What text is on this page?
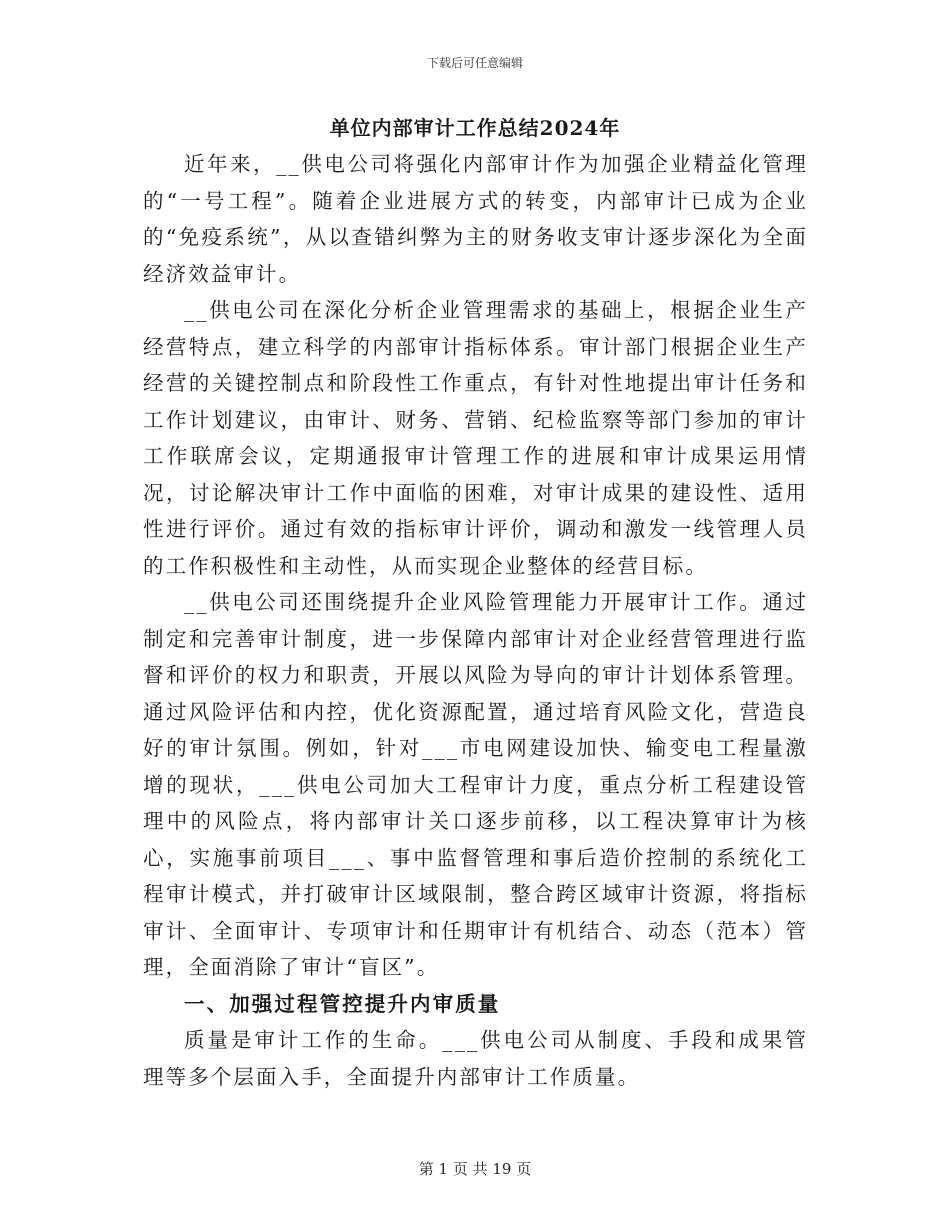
下载后可任意编辑
单位内部审计工作总结2024年

近年来，__供电公司将强化内部审计作为加强企业精益化管理的“一号工程”。随着企业进展方式的转变，内部审计已成为企业的“免疫系统”，从以查错纠弊为主的财务收支审计逐步深化为全面经济效益审计。

__供电公司在深化分析企业管理需求的基础上，根据企业生产经营特点，建立科学的内部审计指标体系。审计部门根据企业生产经营的关键控制点和阶段性工作重点，有针对性地提出审计任务和工作计划建议，由审计、财务、营销、纪检监察等部门参加的审计工作联席会议，定期通报审计管理工作的进展和审计成果运用情况，讨论解决审计工作中面临的困难，对审计成果的建设性、适用性进行评价。通过有效的指标审计评价，调动和激发一线管理人员的工作积极性和主动性，从而实现企业整体的经营目标。

__供电公司还围绕提升企业风险管理能力开展审计工作。通过制定和完善审计制度，进一步保障内部审计对企业经营管理进行监督和评价的权力和职责，开展以风险为导向的审计计划体系管理。通过风险评估和内控，优化资源配置，通过培育风险文化，营造良好的审计氛围。例如，针对___市电网建设加快、输变电工程量激增的现状，___供电公司加大工程审计力度，重点分析工程建设管理中的风险点，将内部审计关口逐步前移，以工程决算审计为核心，实施事前项目___、事中监督管理和事后造价控制的系统化工程审计模式，并打破审计区域限制，整合跨区域审计资源，将指标审计、全面审计、专项审计和任期审计有机结合、动态（范本）管理，全面消除了审计“盲区”。

一、加强过程管控提升内审质量

质量是审计工作的生命。___供电公司从制度、手段和成果管理等多个层面入手，全面提升内部审计工作质量。

第 1 页 共 19 页
